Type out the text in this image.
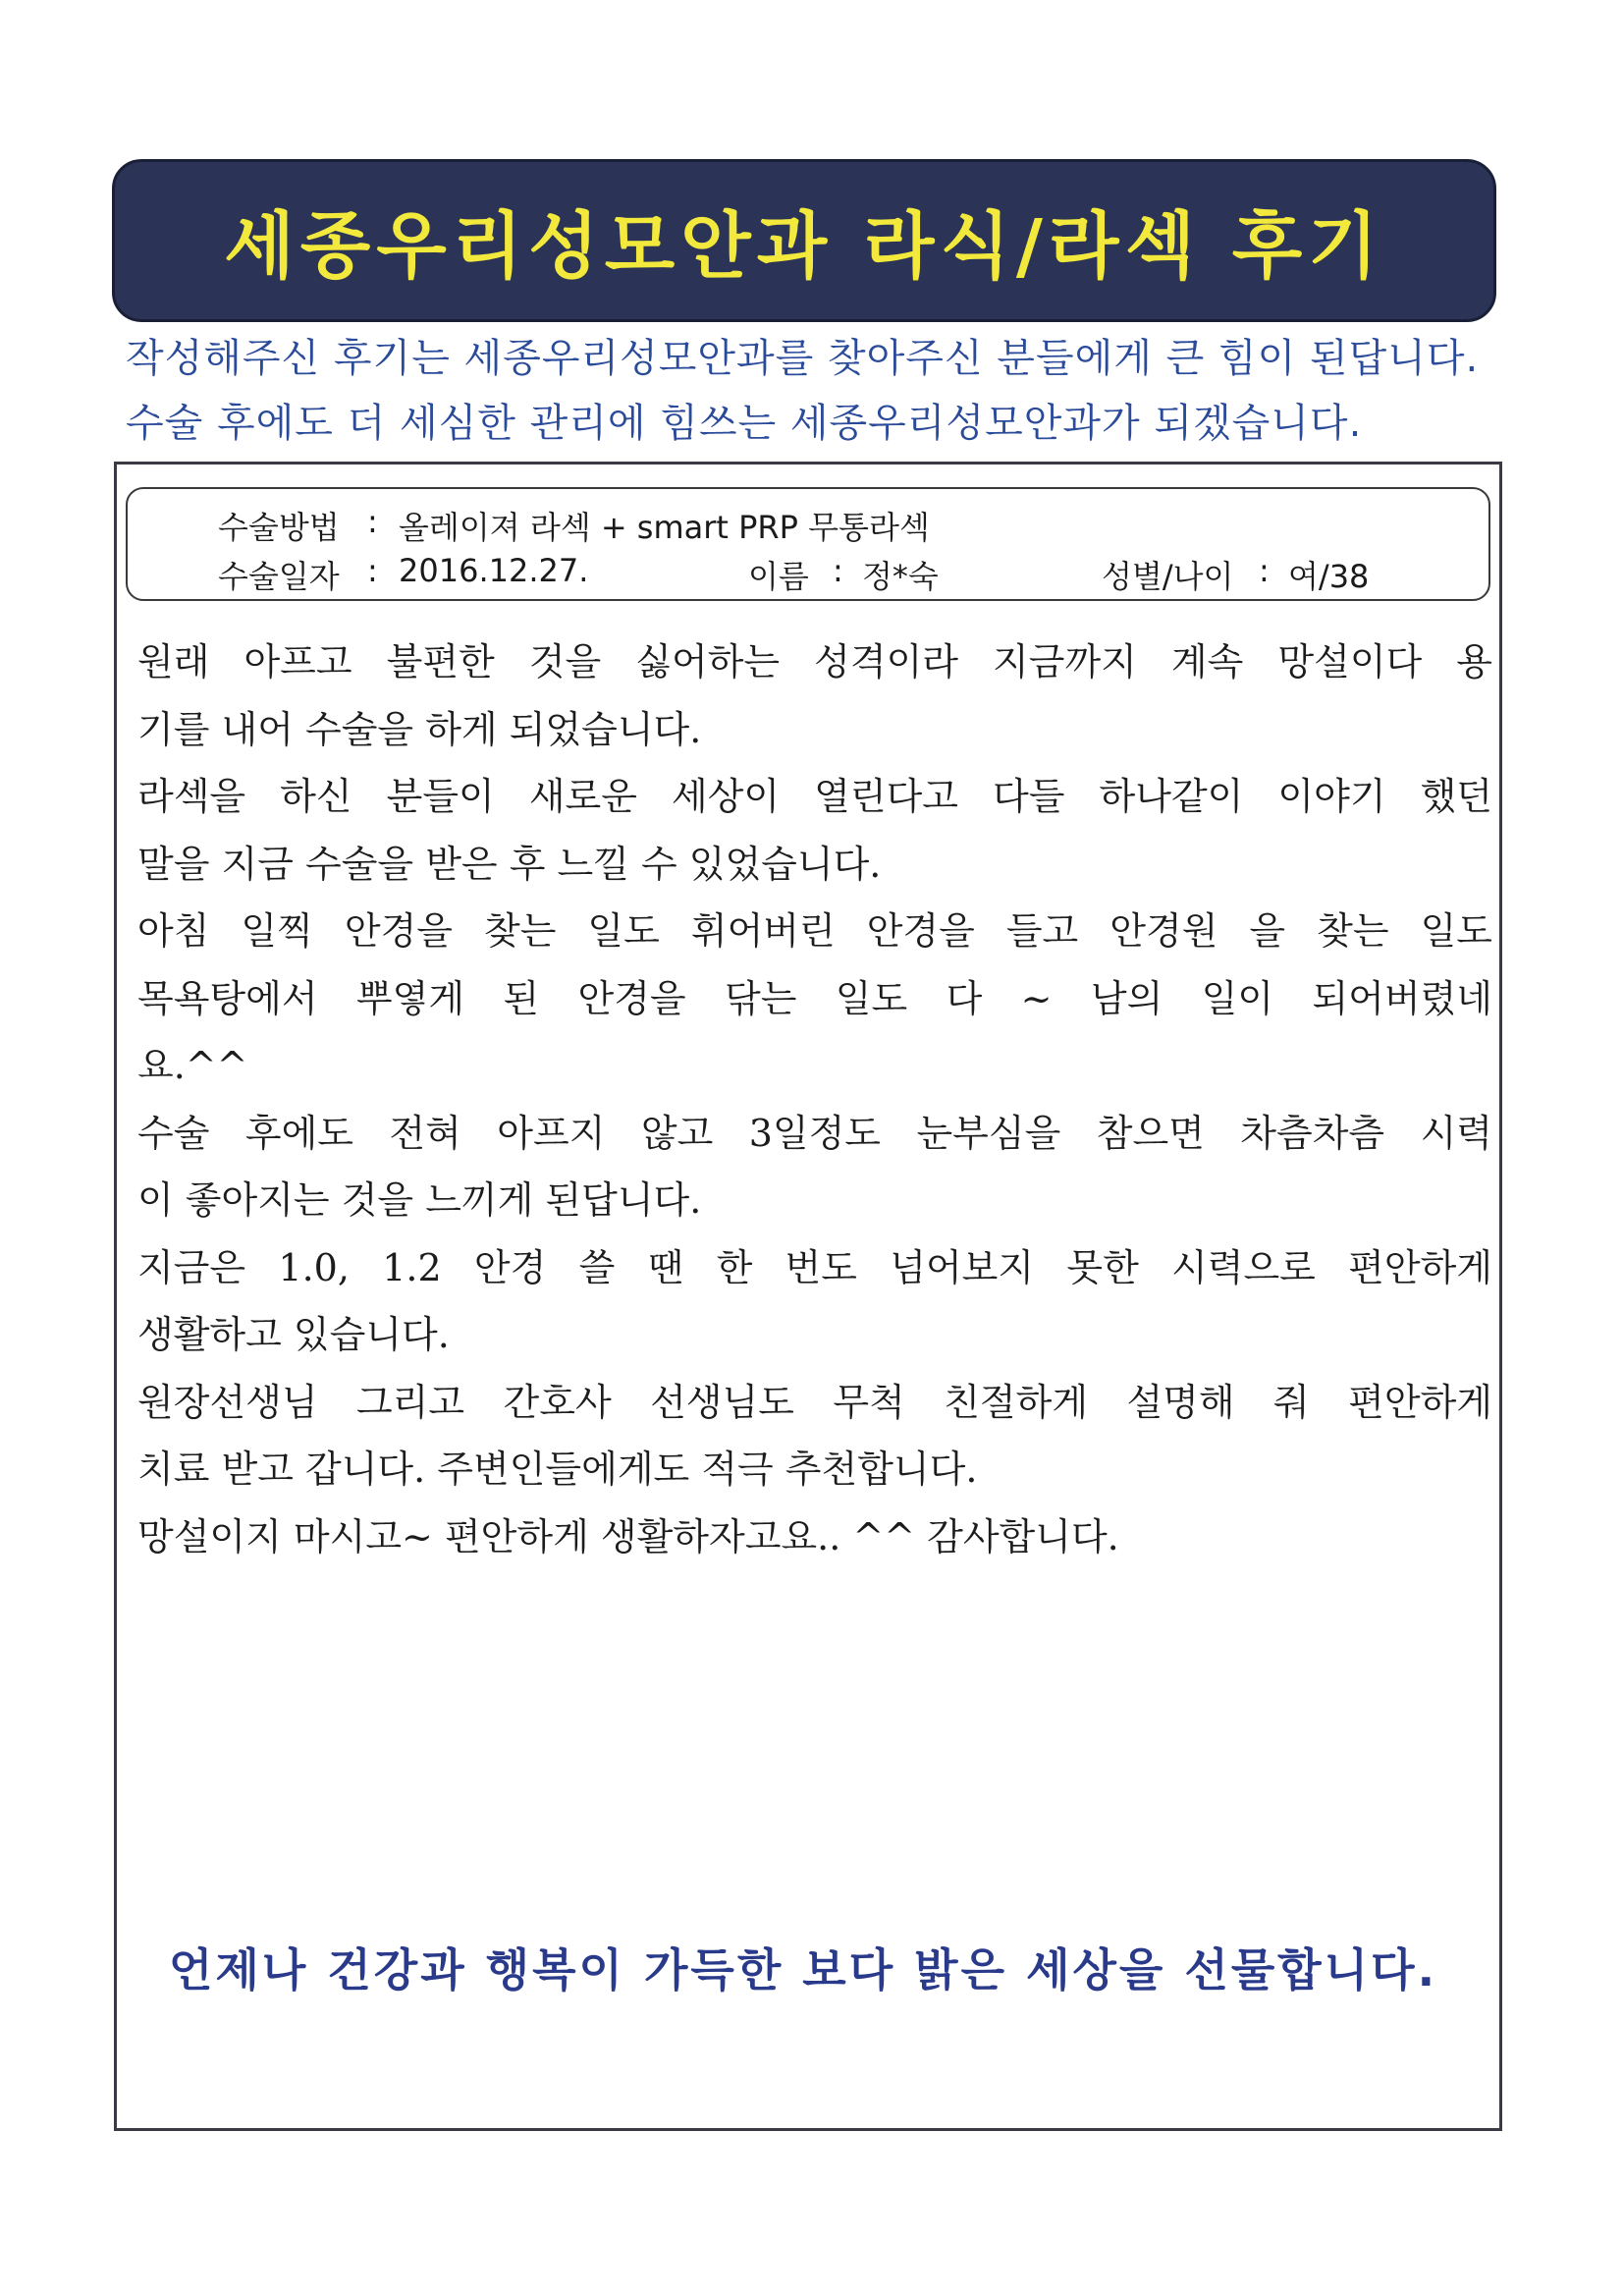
세종우리성모안과 라식/라섹 후기
작성해주신 후기는 세종우리성모안과를 찾아주신 분들에게 큰 힘이 된답니다.
수술 후에도 더 세심한 관리에 힘쓰는 세종우리성모안과가 되겠습니다.
수술방법 : 올레이져 라섹 + smart PRP 무통라섹
수술일자 : 2016.12.27.	이름 : 정*숙	성별/나이 : 여/38
원래 아프고 불편한 것을 싫어하는 성격이라 지금까지 계속 망설이다 용
기를 내어 수술을 하게 되었습니다.
라섹을 하신 분들이 새로운 세상이 열린다고 다들 하나같이 이야기 했던
말을 지금 수술을 받은 후 느낄 수 있었습니다.
아침 일찍 안경을 찾는 일도 휘어버린 안경을 들고 안경원 을 찾는 일도
목욕탕에서 뿌옇게 된 안경을 닦는 일도 다 ~ 남의 일이 되어버렸네
요.^^
수술 후에도 전혀 아프지 않고 3일정도 눈부심을 참으면 차츰차츰 시력
이 좋아지는 것을 느끼게 된답니다.
지금은 1.0, 1.2 안경 쓸 땐 한 번도 넘어보지 못한 시력으로 편안하게
생활하고 있습니다.
원장선생님 그리고 간호사 선생님도 무척 친절하게 설명해 줘 편안하게
치료 받고 갑니다. 주변인들에게도 적극 추천합니다.
망설이지 마시고~ 편안하게 생활하자고요.. ^^ 감사합니다.
언제나 건강과 행복이 가득한 보다 밝은 세상을 선물합니다.
